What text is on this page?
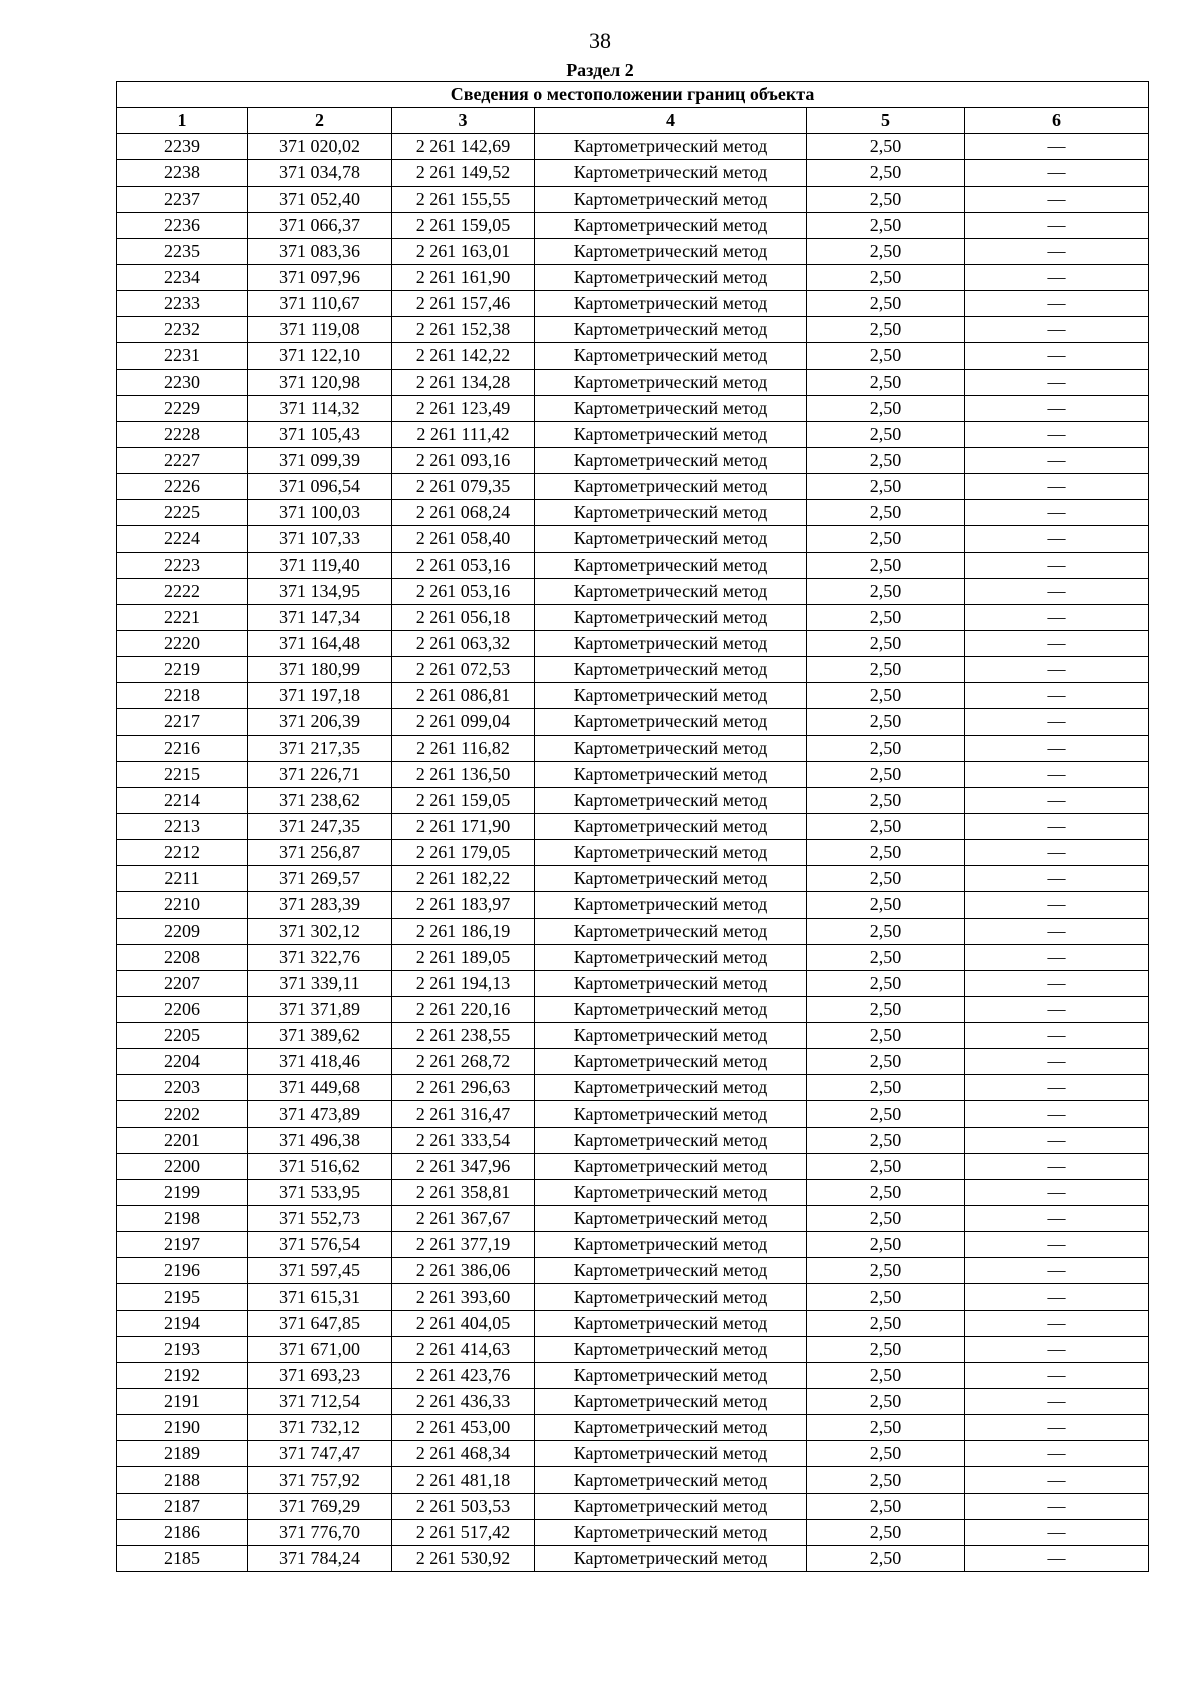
38
Раздел 2
Сведения о местоположении границ объекта					
1	2	3	4	5	6
2239	371 020,02	2 261 142,69	Картометрический метод	2,50	—
2238	371 034,78	2 261 149,52	Картометрический метод	2,50	—
2237	371 052,40	2 261 155,55	Картометрический метод	2,50	—
2236	371 066,37	2 261 159,05	Картометрический метод	2,50	—
2235	371 083,36	2 261 163,01	Картометрический метод	2,50	—
2234	371 097,96	2 261 161,90	Картометрический метод	2,50	—
2233	371 110,67	2 261 157,46	Картометрический метод	2,50	—
2232	371 119,08	2 261 152,38	Картометрический метод	2,50	—
2231	371 122,10	2 261 142,22	Картометрический метод	2,50	—
2230	371 120,98	2 261 134,28	Картометрический метод	2,50	—
2229	371 114,32	2 261 123,49	Картометрический метод	2,50	—
2228	371 105,43	2 261 111,42	Картометрический метод	2,50	—
2227	371 099,39	2 261 093,16	Картометрический метод	2,50	—
2226	371 096,54	2 261 079,35	Картометрический метод	2,50	—
2225	371 100,03	2 261 068,24	Картометрический метод	2,50	—
2224	371 107,33	2 261 058,40	Картометрический метод	2,50	—
2223	371 119,40	2 261 053,16	Картометрический метод	2,50	—
2222	371 134,95	2 261 053,16	Картометрический метод	2,50	—
2221	371 147,34	2 261 056,18	Картометрический метод	2,50	—
2220	371 164,48	2 261 063,32	Картометрический метод	2,50	—
2219	371 180,99	2 261 072,53	Картометрический метод	2,50	—
2218	371 197,18	2 261 086,81	Картометрический метод	2,50	—
2217	371 206,39	2 261 099,04	Картометрический метод	2,50	—
2216	371 217,35	2 261 116,82	Картометрический метод	2,50	—
2215	371 226,71	2 261 136,50	Картометрический метод	2,50	—
2214	371 238,62	2 261 159,05	Картометрический метод	2,50	—
2213	371 247,35	2 261 171,90	Картометрический метод	2,50	—
2212	371 256,87	2 261 179,05	Картометрический метод	2,50	—
2211	371 269,57	2 261 182,22	Картометрический метод	2,50	—
2210	371 283,39	2 261 183,97	Картометрический метод	2,50	—
2209	371 302,12	2 261 186,19	Картометрический метод	2,50	—
2208	371 322,76	2 261 189,05	Картометрический метод	2,50	—
2207	371 339,11	2 261 194,13	Картометрический метод	2,50	—
2206	371 371,89	2 261 220,16	Картометрический метод	2,50	—
2205	371 389,62	2 261 238,55	Картометрический метод	2,50	—
2204	371 418,46	2 261 268,72	Картометрический метод	2,50	—
2203	371 449,68	2 261 296,63	Картометрический метод	2,50	—
2202	371 473,89	2 261 316,47	Картометрический метод	2,50	—
2201	371 496,38	2 261 333,54	Картометрический метод	2,50	—
2200	371 516,62	2 261 347,96	Картометрический метод	2,50	—
2199	371 533,95	2 261 358,81	Картометрический метод	2,50	—
2198	371 552,73	2 261 367,67	Картометрический метод	2,50	—
2197	371 576,54	2 261 377,19	Картометрический метод	2,50	—
2196	371 597,45	2 261 386,06	Картометрический метод	2,50	—
2195	371 615,31	2 261 393,60	Картометрический метод	2,50	—
2194	371 647,85	2 261 404,05	Картометрический метод	2,50	—
2193	371 671,00	2 261 414,63	Картометрический метод	2,50	—
2192	371 693,23	2 261 423,76	Картометрический метод	2,50	—
2191	371 712,54	2 261 436,33	Картометрический метод	2,50	—
2190	371 732,12	2 261 453,00	Картометрический метод	2,50	—
2189	371 747,47	2 261 468,34	Картометрический метод	2,50	—
2188	371 757,92	2 261 481,18	Картометрический метод	2,50	—
2187	371 769,29	2 261 503,53	Картометрический метод	2,50	—
2186	371 776,70	2 261 517,42	Картометрический метод	2,50	—
2185	371 784,24	2 261 530,92	Картометрический метод	2,50	—
